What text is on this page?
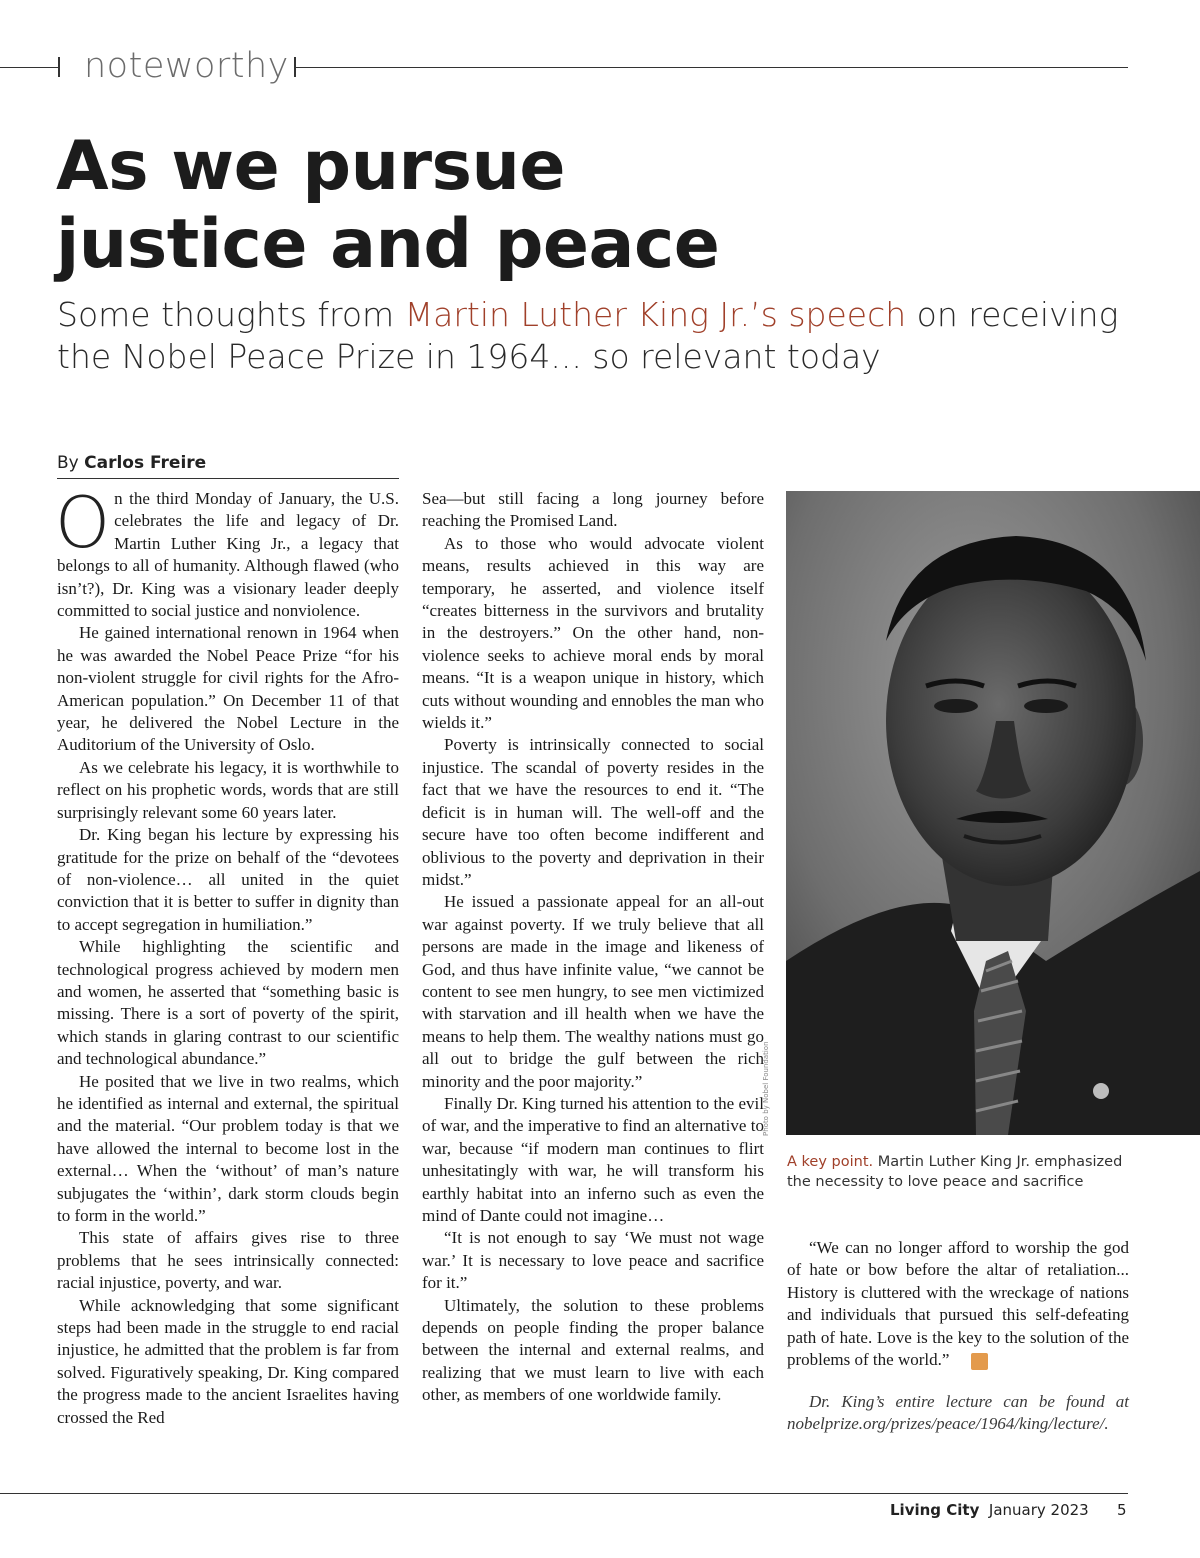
noteworthy
As we pursue
justice and peace

Some thoughts from Martin Luther King Jr.’s speech on receiving the Nobel Peace Prize in 1964... so relevant today

By Carlos Freire

On the third Monday of January, the U.S. celebrates the life and legacy of Dr. Martin Luther King Jr., a legacy that belongs to all of humanity. Although flawed (who isn’t?), Dr. King was a visionary leader deeply committed to social justice and nonviolence.

He gained international renown in 1964 when he was awarded the Nobel Peace Prize “for his non-violent struggle for civil rights for the Afro-American population.” On December 11 of that year, he delivered the Nobel Lecture in the Auditorium of the University of Oslo.

As we celebrate his legacy, it is worthwhile to reflect on his prophetic words, words that are still surprisingly relevant some 60 years later.

Dr. King began his lecture by expressing his gratitude for the prize on behalf of the “devotees of non-violence… all united in the quiet conviction that it is better to suffer in dignity than to accept segregation in humiliation.”

While highlighting the scientific and technological progress achieved by modern men and women, he asserted that “something basic is missing. There is a sort of poverty of the spirit, which stands in glaring contrast to our scientific and technological abundance.”

He posited that we live in two realms, which he identified as internal and external, the spiritual and the material. “Our problem today is that we have allowed the internal to become lost in the external… When the ‘without’ of man’s nature subjugates the ‘within’, dark storm clouds begin to form in the world.”

This state of affairs gives rise to three problems that he sees intrinsically connected: racial injustice, poverty, and war.

While acknowledging that some significant steps had been made in the struggle to end racial injustice, he admitted that the problem is far from solved. Figuratively speaking, Dr. King compared the progress made to the ancient Israelites having crossed the Red

Sea—but still facing a long journey before reaching the Promised Land.

As to those who would advocate violent means, results achieved in this way are temporary, he asserted, and violence itself “creates bitterness in the survivors and brutality in the destroyers.” On the other hand, non-violence seeks to achieve moral ends by moral means. “It is a weapon unique in history, which cuts without wounding and ennobles the man who wields it.”

Poverty is intrinsically connected to social injustice. The scandal of poverty resides in the fact that we have the resources to end it. “The deficit is in human will. The well-off and the secure have too often become indifferent and oblivious to the poverty and deprivation in their midst.”

He issued a passionate appeal for an all-out war against poverty. If we truly believe that all persons are made in the image and likeness of God, and thus have infinite value, “we cannot be content to see men hungry, to see men victimized with starvation and ill health when we have the means to help them. The wealthy nations must go all out to bridge the gulf between the rich minority and the poor majority.”

Finally Dr. King turned his attention to the evil of war, and the imperative to find an alternative to war, because “if modern man continues to flirt unhesitatingly with war, he will transform his earthly habitat into an inferno such as even the mind of Dante could not imagine…

“It is not enough to say ‘We must not wage war.’ It is necessary to love peace and sacrifice for it.”

Ultimately, the solution to these problems depends on people finding the proper balance between the internal and external realms, and realizing that we must learn to live with each other, as members of one worldwide family.

Photo by Nobel Foundation
A key point. Martin Luther King Jr. emphasized the necessity to love peace and sacrifice

“We can no longer afford to worship the god of hate or bow before the altar of retaliation... History is cluttered with the wreckage of nations and individuals that pursued this self-defeating path of hate. Love is the key to the solution of the problems of the world.”	LC

Dr. King’s entire lecture can be found at nobelprize.org/prizes/peace/1964/king/lecture/.

Living City January 2023 5
